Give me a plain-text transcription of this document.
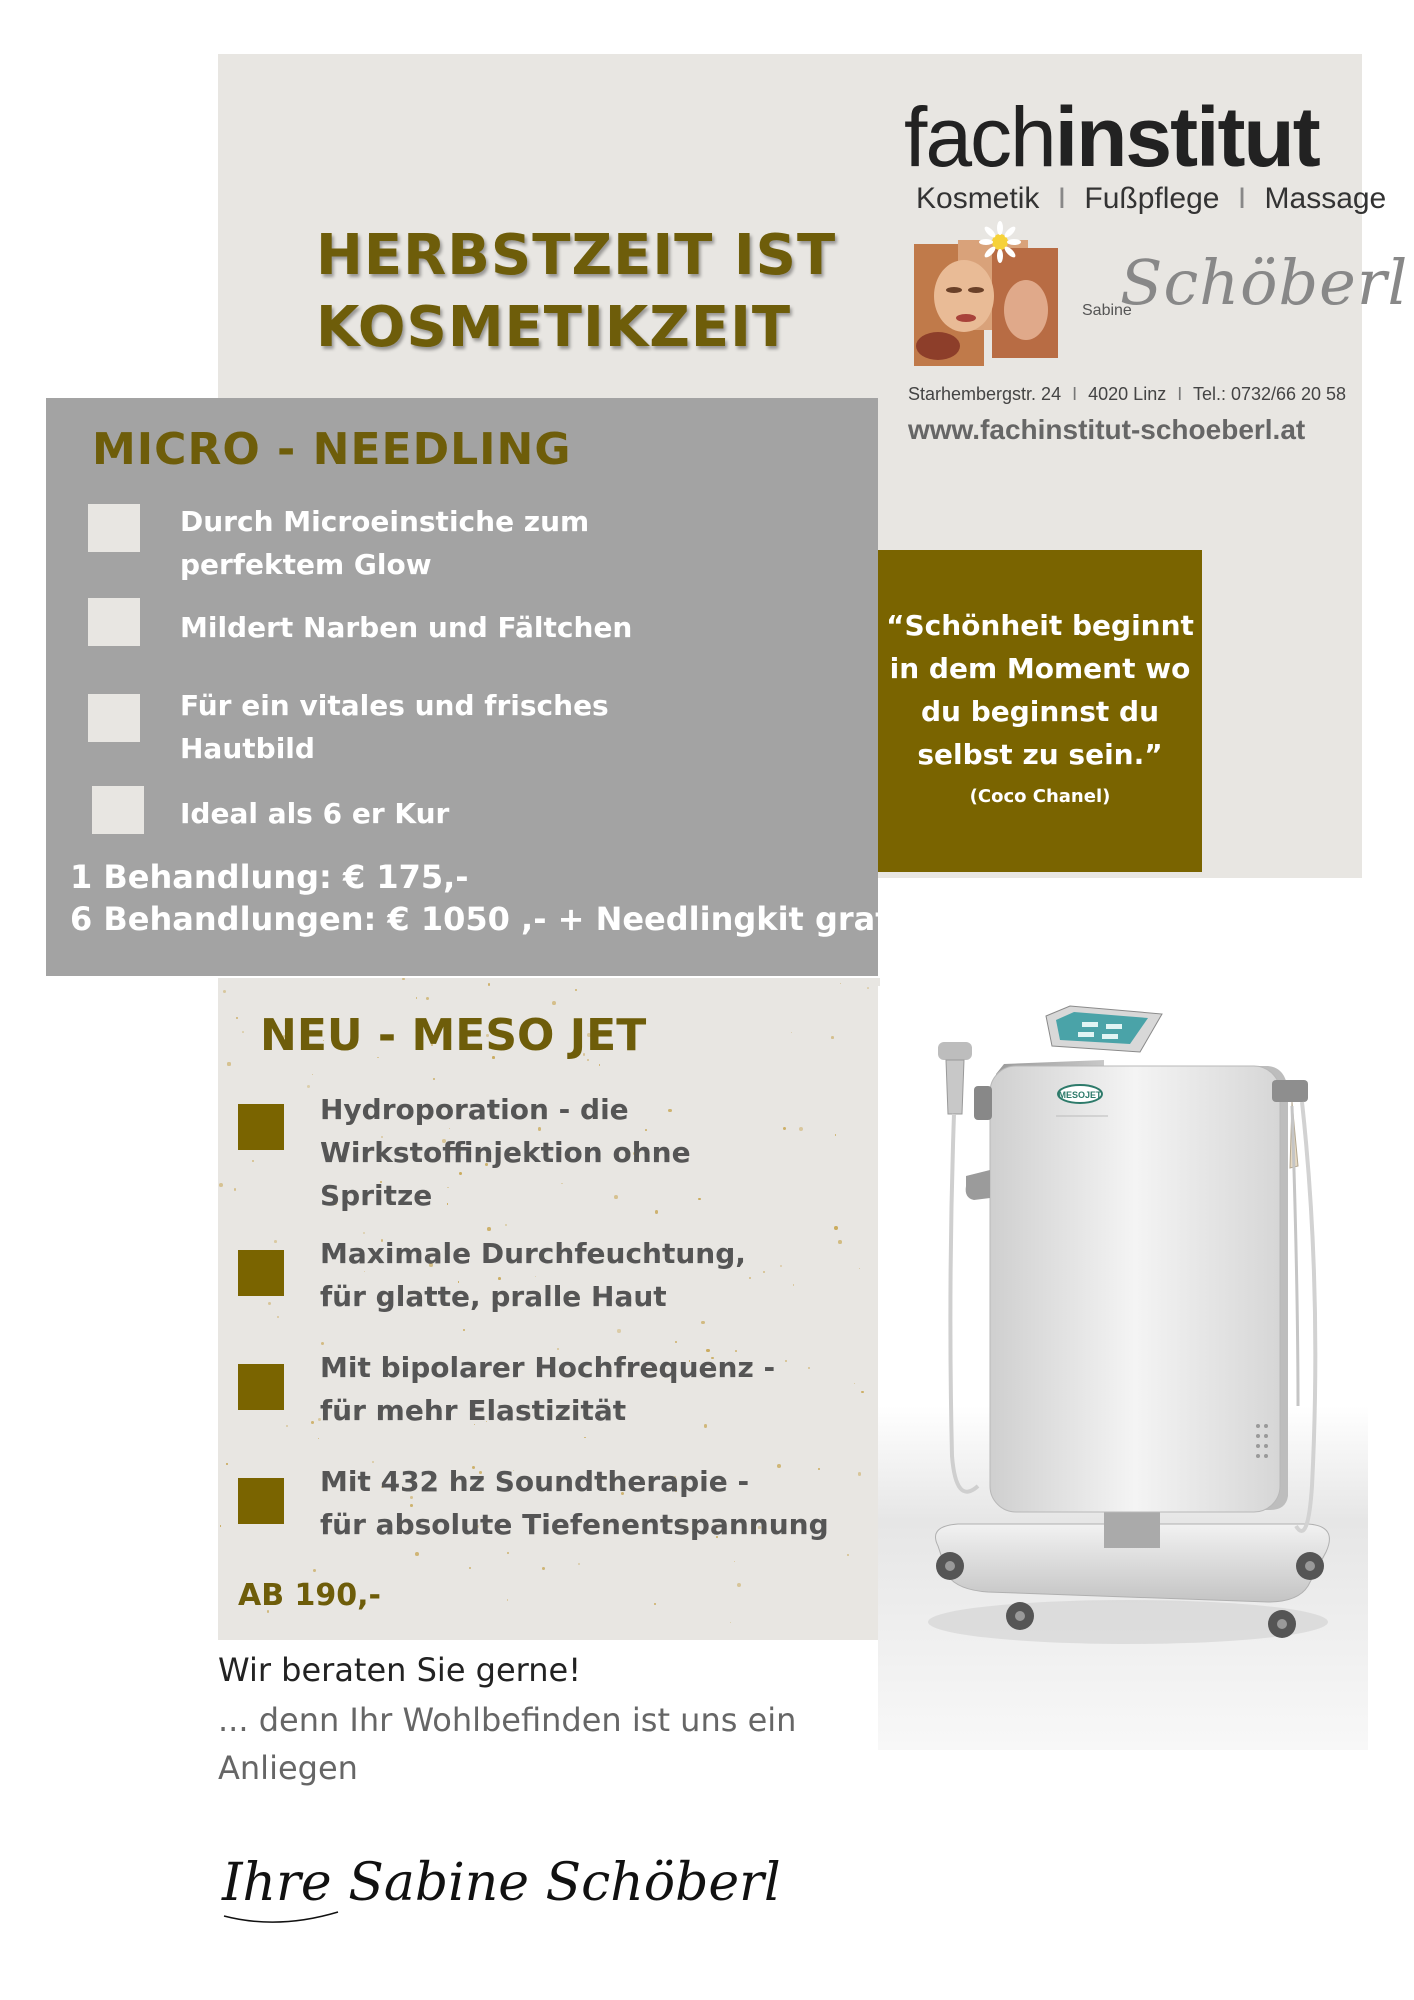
HERBSTZEIT IST
KOSMETIKZEIT
fachinstitut
Kosmetik I Fußpflege I Massage
Sabine
Schöberl
Starhembergstr. 24 I 4020 Linz I Tel.: 0732/66 20 58
www.fachinstitut-schoeberl.at
MICRO - NEEDLING
Durch Microeinstiche zum
perfektem Glow
Mildert Narben und Fältchen
Für ein vitales und frisches
Hautbild
Ideal als 6 er Kur
1 Behandlung: € 175,-
6 Behandlungen: € 1050 ,- + Needlingkit gratis
“Schönheit beginnt
in dem Moment wo
du beginnst du
selbst zu sein.”
(Coco Chanel)
NEU - MESO JET
Hydroporation - die
Wirkstoffinjektion ohne
Spritze
Maximale Durchfeuchtung,
für glatte, pralle Haut
Mit bipolarer Hochfrequenz -
für mehr Elastizität
Mit 432 hz Soundtherapie -
für absolute Tiefenentspannung
AB 190,-
MESOJET
Wir beraten Sie gerne!
... denn Ihr Wohlbefinden ist uns ein
Anliegen
Ihre Sabine Schöberl
